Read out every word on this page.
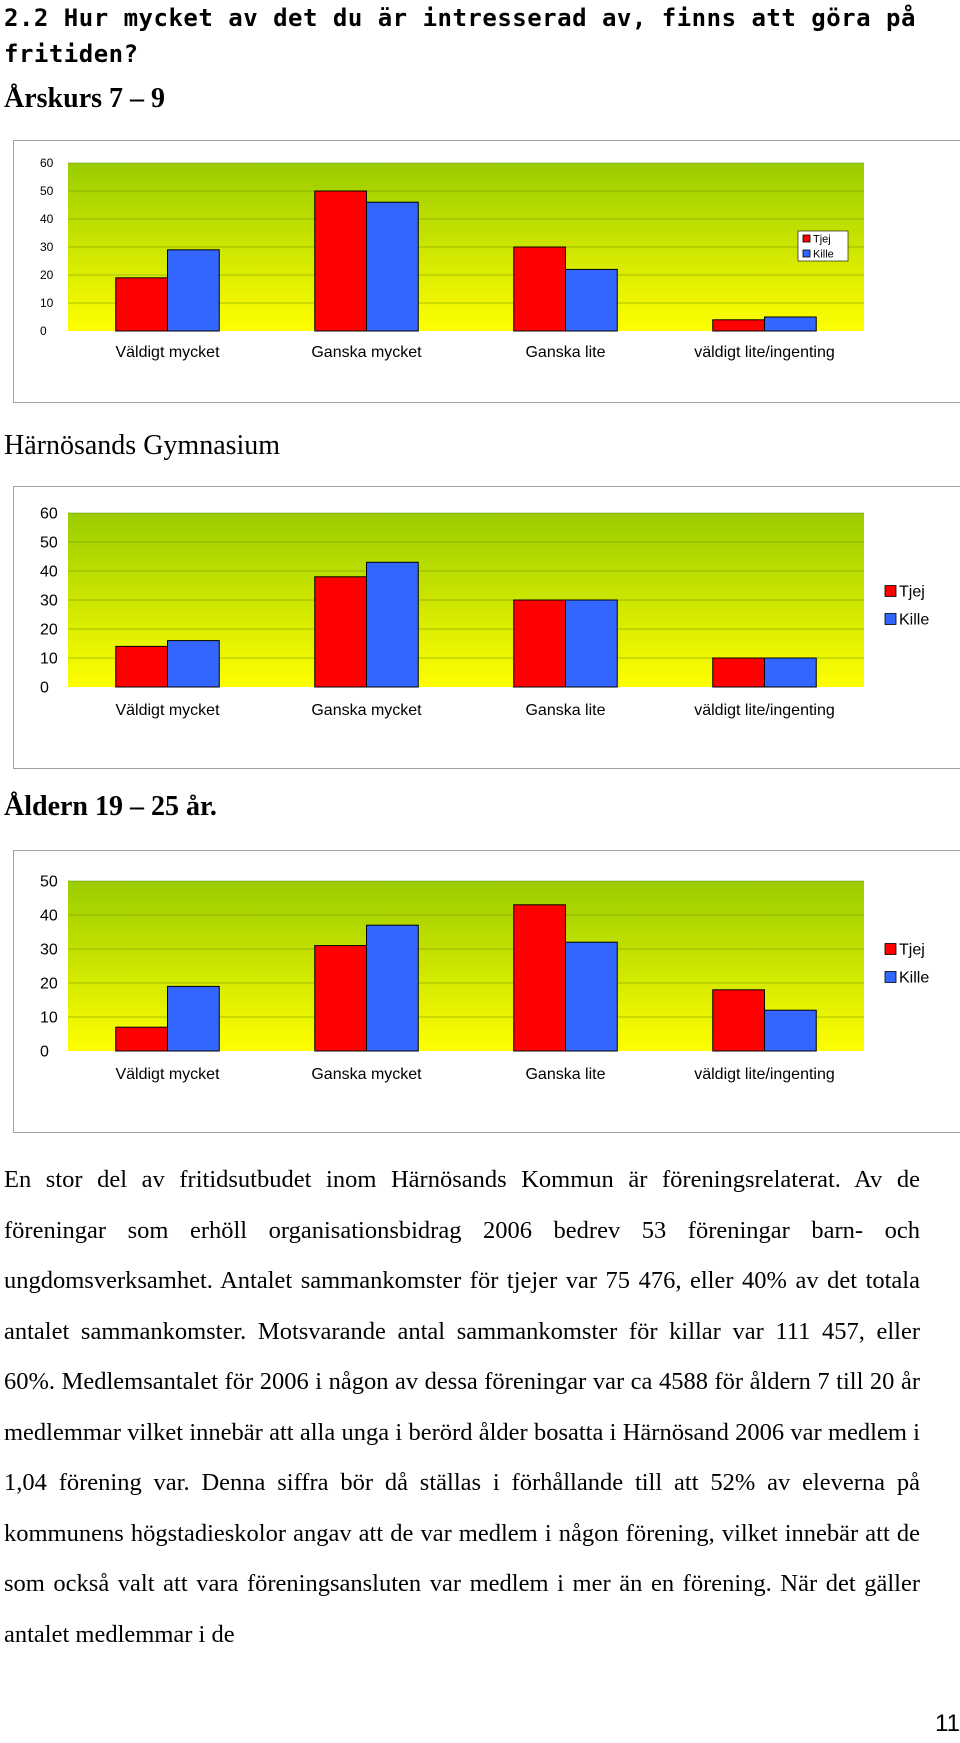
2.2 Hur mycket av det du är intresserad av, finns att göra på fritiden?
Årskurs 7 – 9
0
10
20
30
40
50
60
Väldigt mycket	Ganska mycket	Ganska lite	väldigt lite/ingenting
Tjej
Kille
Härnösands Gymnasium
0
10
20
30
40
50
60
Väldigt mycket	Ganska mycket	Ganska lite	väldigt lite/ingenting
Tjej
Kille
Åldern 19 – 25 år.
0
10
20
30
40
50
Väldigt mycket	Ganska mycket	Ganska lite	väldigt lite/ingenting
Tjej
Kille

En stor del av fritidsutbudet inom Härnösands Kommun är föreningsrelaterat. Av de föreningar som erhöll organisationsbidrag 2006 bedrev 53 föreningar barn- och ungdomsverksamhet. Antalet sammankomster för tjejer var 75 476, eller 40% av det totala antalet sammankomster. Motsvarande antal sammankomster för killar var 111 457, eller 60%. Medlemsantalet för 2006 i någon av dessa föreningar var ca 4588 för åldern 7 till 20 år medlemmar vilket innebär att alla unga i berörd ålder bosatta i Härnösand 2006 var medlem i 1,04 förening var. Denna siffra bör då ställas i förhållande till att 52% av eleverna på kommunens högstadieskolor angav att de var medlem i någon förening, vilket innebär att de som också valt att vara föreningsansluten var medlem i mer än en förening. När det gäller antalet medlemmar i de

11
